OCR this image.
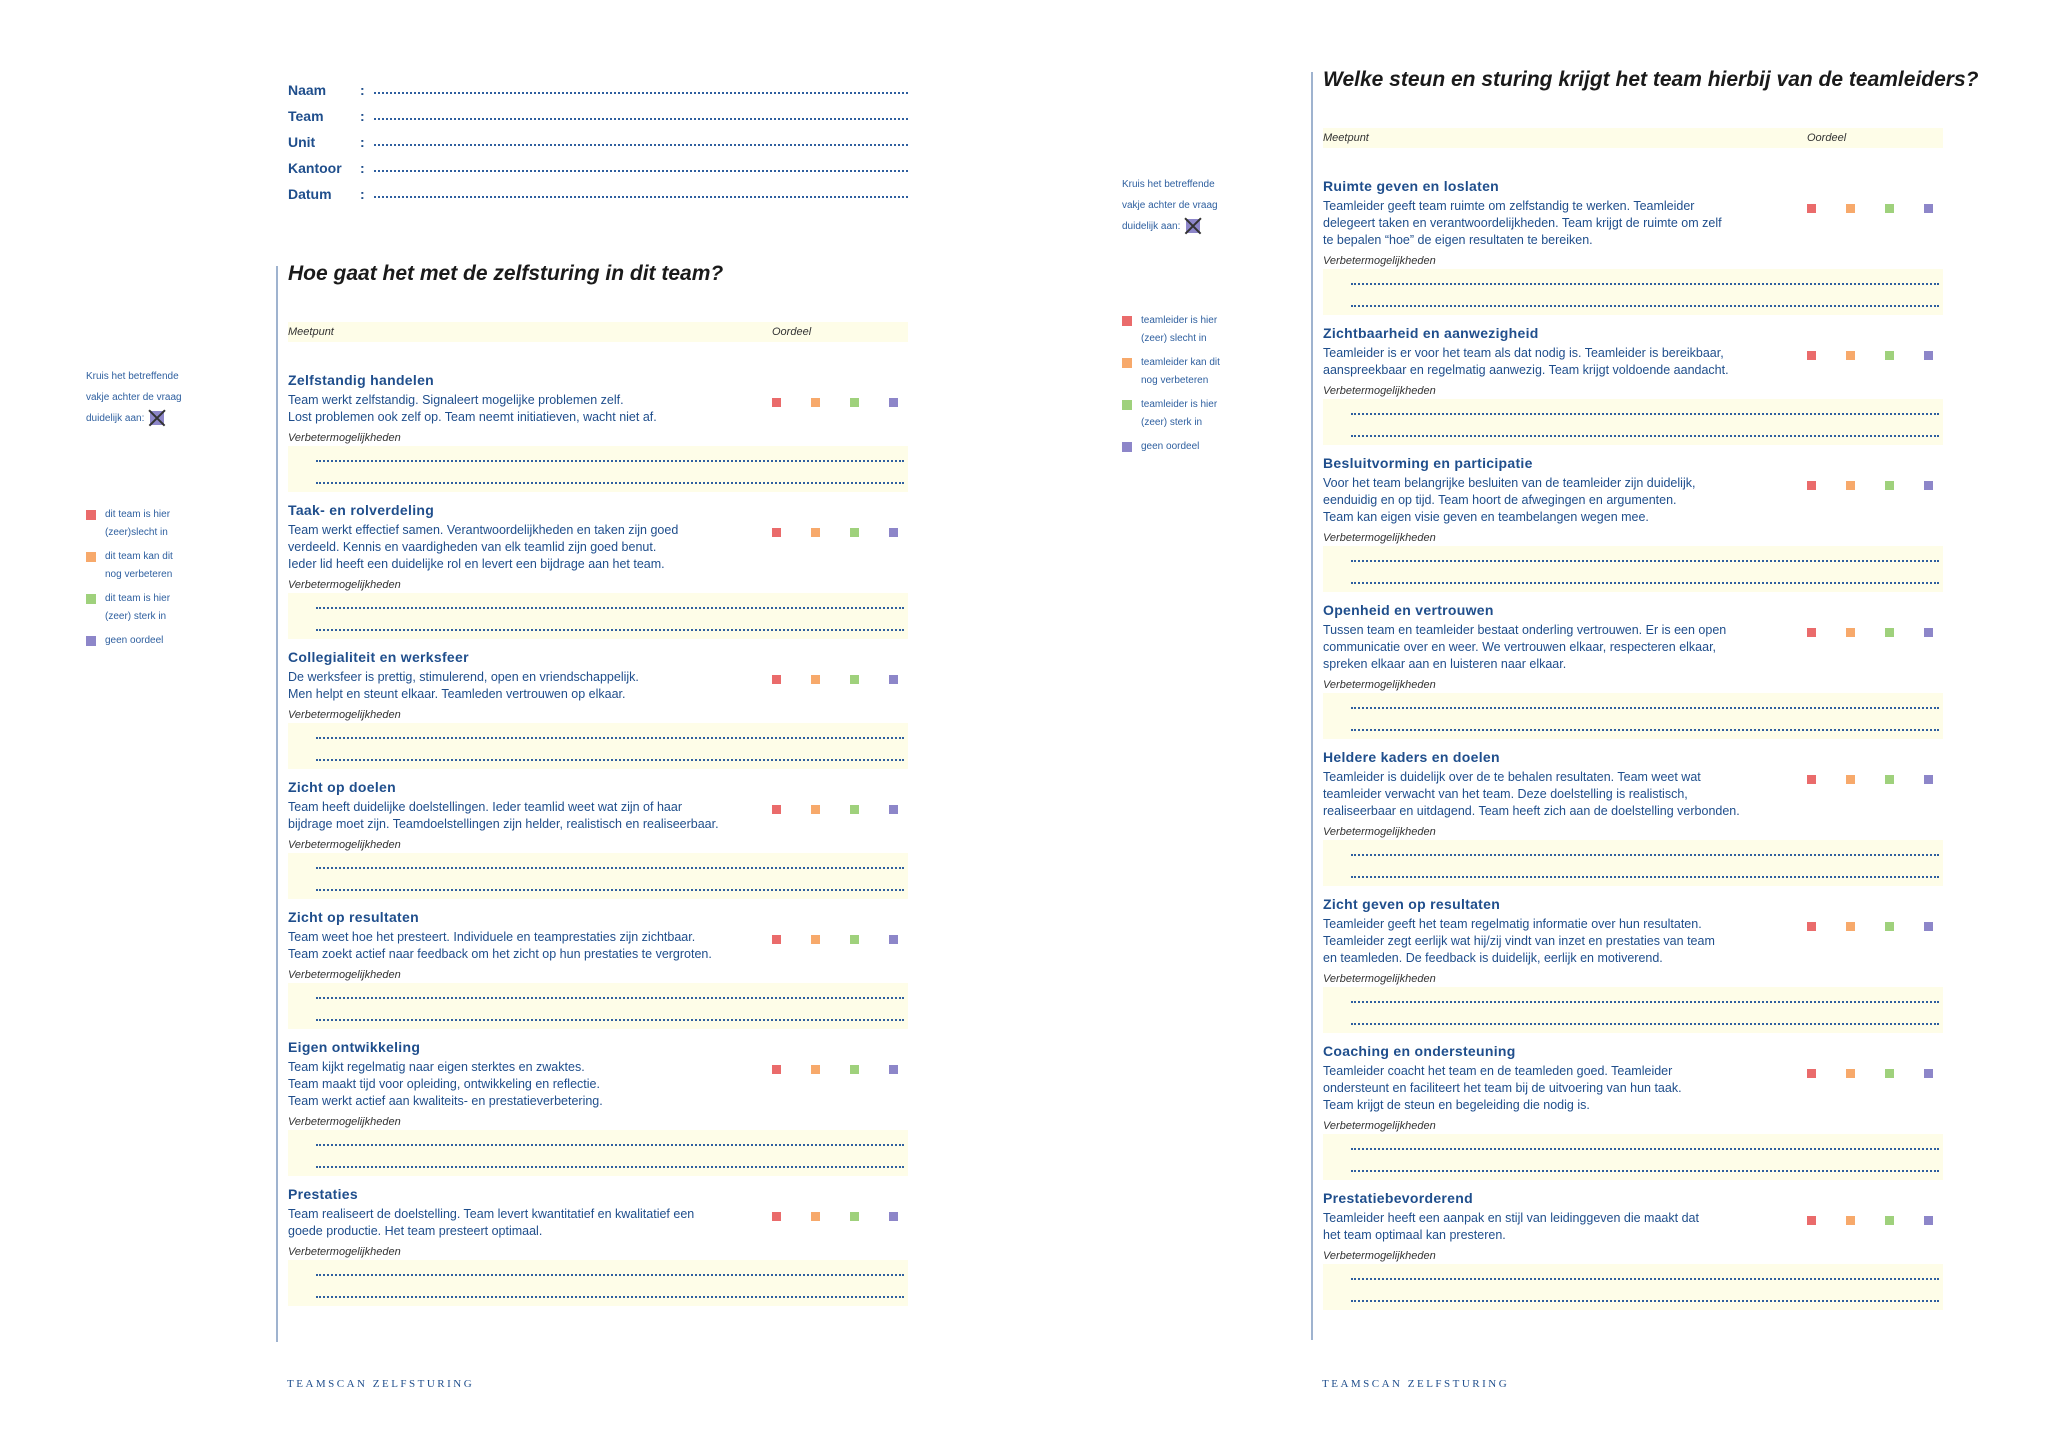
Naam	:
Team	:
Unit	:
Kantoor	:
Datum	:
Hoe gaat het met de zelfsturing in dit team?
Kruis het betreffende
vakje achter de vraag
duidelijk aan:
dit team is hier
(zeer)slecht in
dit team kan dit
nog verbeteren
dit team is hier
(zeer) sterk in
geen oordeel
Meetpunt	Oordeel
Zelfstandig handelen
Team werkt zelfstandig. Signaleert mogelijke problemen zelf.
Lost problemen ook zelf op. Team neemt initiatieven, wacht niet af.
Verbetermogelijkheden
Taak- en rolverdeling
Team werkt effectief samen. Verantwoordelijkheden en taken zijn goed
verdeeld. Kennis en vaardigheden van elk teamlid zijn goed benut.
Ieder lid heeft een duidelijke rol en levert een bijdrage aan het team.
Verbetermogelijkheden
Collegialiteit en werksfeer
De werksfeer is prettig, stimulerend, open en vriendschappelijk.
Men helpt en steunt elkaar. Teamleden vertrouwen op elkaar.
Verbetermogelijkheden
Zicht op doelen
Team heeft duidelijke doelstellingen. Ieder teamlid weet wat zijn of haar
bijdrage moet zijn. Teamdoelstellingen zijn helder, realistisch en realiseerbaar.
Verbetermogelijkheden
Zicht op resultaten
Team weet hoe het presteert. Individuele en teamprestaties zijn zichtbaar.
Team zoekt actief naar feedback om het zicht op hun prestaties te vergroten.
Verbetermogelijkheden
Eigen ontwikkeling
Team kijkt regelmatig naar eigen sterktes en zwaktes.
Team maakt tijd voor opleiding, ontwikkeling en reflectie.
Team werkt actief aan kwaliteits- en prestatieverbetering.
Verbetermogelijkheden
Prestaties
Team realiseert de doelstelling. Team levert kwantitatief en kwalitatief een
goede productie. Het team presteert optimaal.
Verbetermogelijkheden
TEAMSCAN ZELFSTURING
Welke steun en sturing krijgt het team hierbij van de teamleiders?
Kruis het betreffende
vakje achter de vraag
duidelijk aan:
teamleider is hier
(zeer) slecht in
teamleider kan dit
nog verbeteren
teamleider is hier
(zeer) sterk in
geen oordeel
Meetpunt	Oordeel
Ruimte geven en loslaten
Teamleider geeft team ruimte om zelfstandig te werken. Teamleider
delegeert taken en verantwoordelijkheden. Team krijgt de ruimte om zelf
te bepalen “hoe” de eigen resultaten te bereiken.
Verbetermogelijkheden
Zichtbaarheid en aanwezigheid
Teamleider is er voor het team als dat nodig is. Teamleider is bereikbaar,
aanspreekbaar en regelmatig aanwezig. Team krijgt voldoende aandacht.
Verbetermogelijkheden
Besluitvorming en participatie
Voor het team belangrijke besluiten van de teamleider zijn duidelijk,
eenduidig en op tijd. Team hoort de afwegingen en argumenten.
Team kan eigen visie geven en teambelangen wegen mee.
Verbetermogelijkheden
Openheid en vertrouwen
Tussen team en teamleider bestaat onderling vertrouwen. Er is een open
communicatie over en weer. We vertrouwen elkaar, respecteren elkaar,
spreken elkaar aan en luisteren naar elkaar.
Verbetermogelijkheden
Heldere kaders en doelen
Teamleider is duidelijk over de te behalen resultaten. Team weet wat
teamleider verwacht van het team. Deze doelstelling is realistisch,
realiseerbaar en uitdagend. Team heeft zich aan de doelstelling verbonden.
Verbetermogelijkheden
Zicht geven op resultaten
Teamleider geeft het team regelmatig informatie over hun resultaten.
Teamleider zegt eerlijk wat hij/zij vindt van inzet en prestaties van team
en teamleden. De feedback is duidelijk, eerlijk en motiverend.
Verbetermogelijkheden
Coaching en ondersteuning
Teamleider coacht het team en de teamleden goed. Teamleider
ondersteunt en faciliteert het team bij de uitvoering van hun taak.
Team krijgt de steun en begeleiding die nodig is.
Verbetermogelijkheden
Prestatiebevorderend
Teamleider heeft een aanpak en stijl van leidinggeven die maakt dat
het team optimaal kan presteren.
Verbetermogelijkheden
TEAMSCAN ZELFSTURING
